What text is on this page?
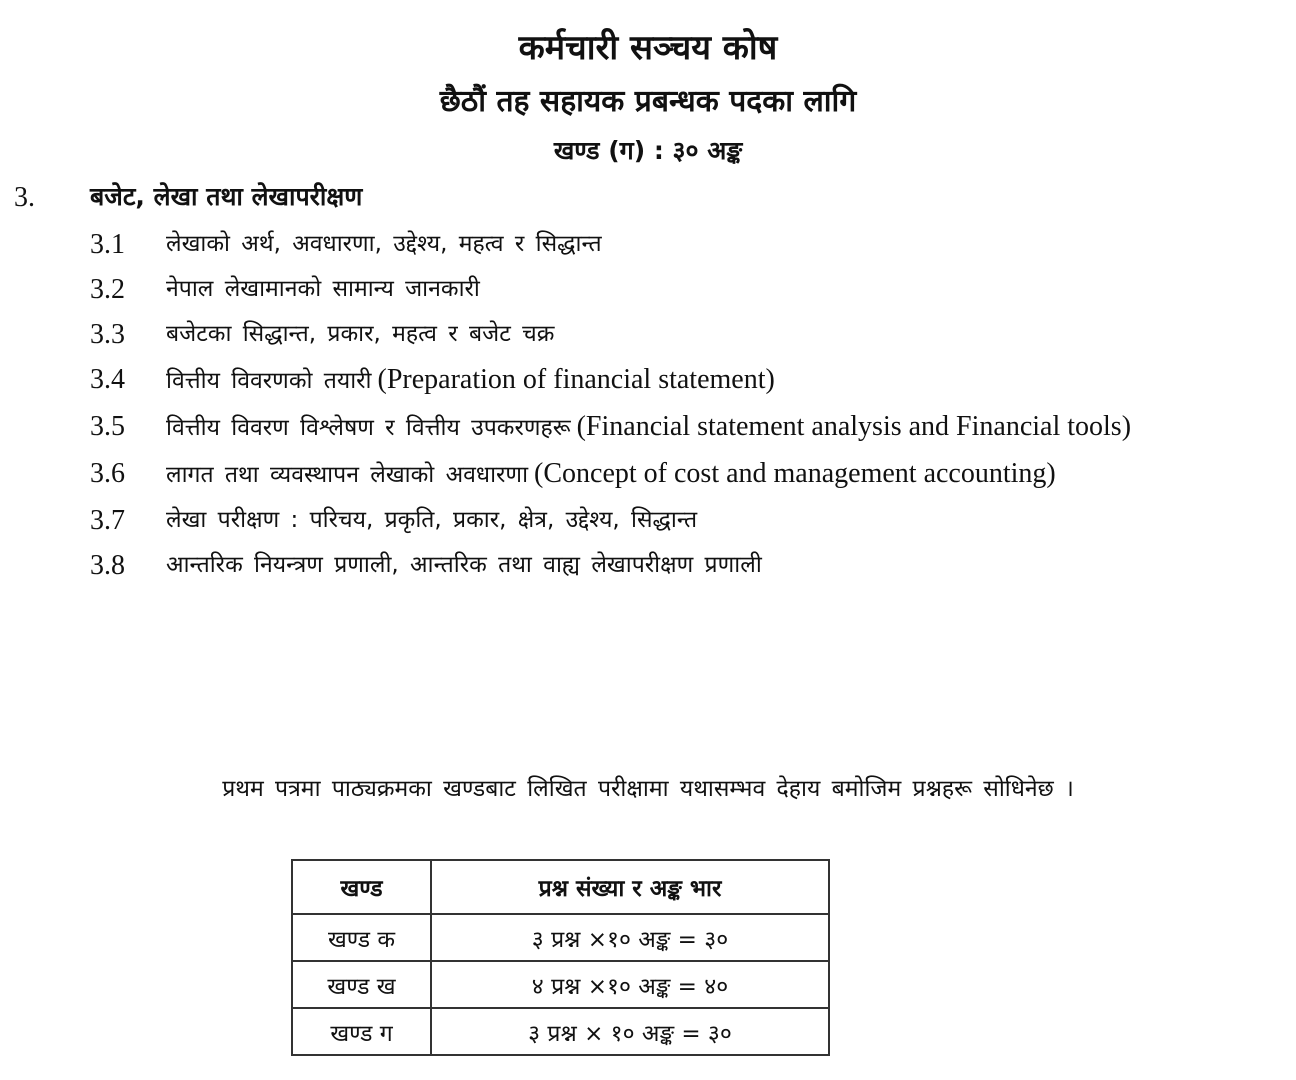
कर्मचारी सञ्चय कोष
छैठौं तह सहायक प्रबन्धक पदका लागि
खण्ड (ग) : ३० अङ्क
3. बजेट, लेखा तथा लेखापरीक्षण
3.1	लेखाको अर्थ, अवधारणा, उद्देश्य, महत्व र सिद्धान्त
3.2	नेपाल लेखामानको सामान्य जानकारी
3.3	बजेटका सिद्धान्त, प्रकार, महत्व र बजेट चक्र
3.4	वित्तीय विवरणको तयारी (Preparation of financial statement)
3.5	वित्तीय विवरण विश्लेषण र वित्तीय उपकरणहरू (Financial statement analysis and Financial tools)
3.6	लागत तथा व्यवस्थापन लेखाको अवधारणा (Concept of cost and management accounting)
3.7	लेखा परीक्षण : परिचय, प्रकृति, प्रकार, क्षेत्र, उद्देश्य, सिद्धान्त
3.8	आन्तरिक नियन्त्रण प्रणाली, आन्तरिक तथा वाह्य लेखापरीक्षण प्रणाली
प्रथम पत्रमा पाठ्यक्रमका खण्डबाट लिखित परीक्षामा यथासम्भव देहाय बमोजिम प्रश्नहरू सोधिनेछ ।
खण्ड	प्रश्न संख्या र अङ्क भार
खण्ड क	३ प्रश्न ×१० अङ्क = ३०
खण्ड ख	४ प्रश्न ×१० अङ्क = ४०
खण्ड ग	३ प्रश्न × १० अङ्क = ३०
